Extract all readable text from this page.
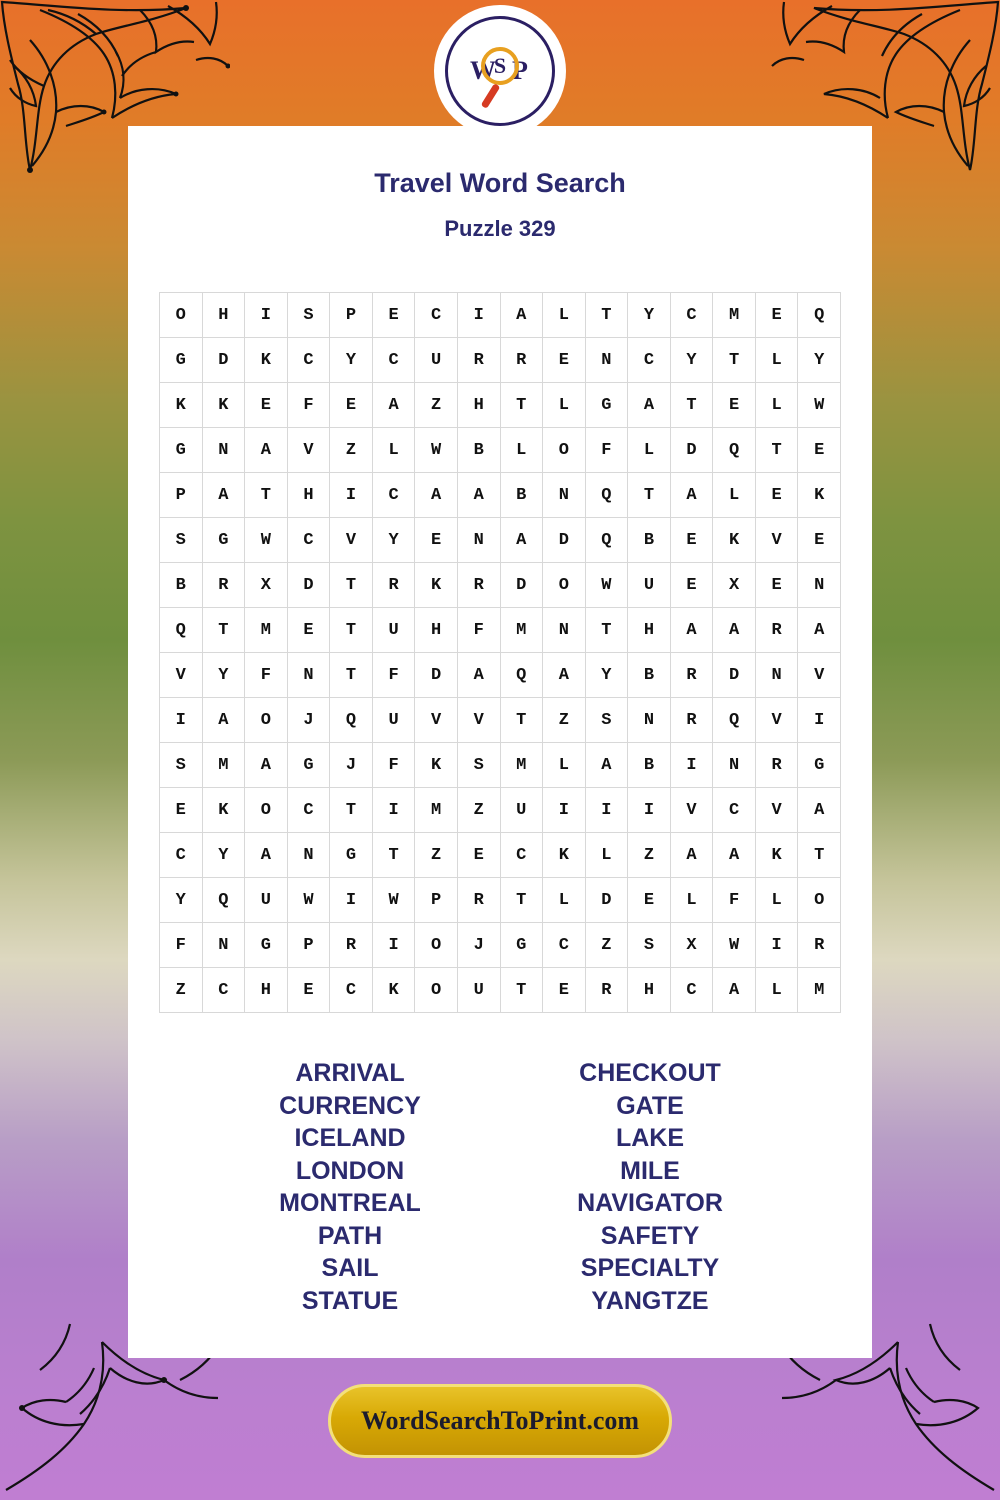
W P
S
Travel Word Search
Puzzle 329
O	H	I	S	P	E	C	I	A	L	T	Y	C	M	E	Q
G	D	K	C	Y	C	U	R	R	E	N	C	Y	T	L	Y
K	K	E	F	E	A	Z	H	T	L	G	A	T	E	L	W
G	N	A	V	Z	L	W	B	L	O	F	L	D	Q	T	E
P	A	T	H	I	C	A	A	B	N	Q	T	A	L	E	K
S	G	W	C	V	Y	E	N	A	D	Q	B	E	K	V	E
B	R	X	D	T	R	K	R	D	O	W	U	E	X	E	N
Q	T	M	E	T	U	H	F	M	N	T	H	A	A	R	A
V	Y	F	N	T	F	D	A	Q	A	Y	B	R	D	N	V
I	A	O	J	Q	U	V	V	T	Z	S	N	R	Q	V	I
S	M	A	G	J	F	K	S	M	L	A	B	I	N	R	G
E	K	O	C	T	I	M	Z	U	I	I	I	V	C	V	A
C	Y	A	N	G	T	Z	E	C	K	L	Z	A	A	K	T
Y	Q	U	W	I	W	P	R	T	L	D	E	L	F	L	O
F	N	G	P	R	I	O	J	G	C	Z	S	X	W	I	R
Z	C	H	E	C	K	O	U	T	E	R	H	C	A	L	M
ARRIVAL
CURRENCY
ICELAND
LONDON
MONTREAL
PATH
SAIL
STATUE
CHECKOUT
GATE
LAKE
MILE
NAVIGATOR
SAFETY
SPECIALTY
YANGTZE
WordSearchToPrint.com
